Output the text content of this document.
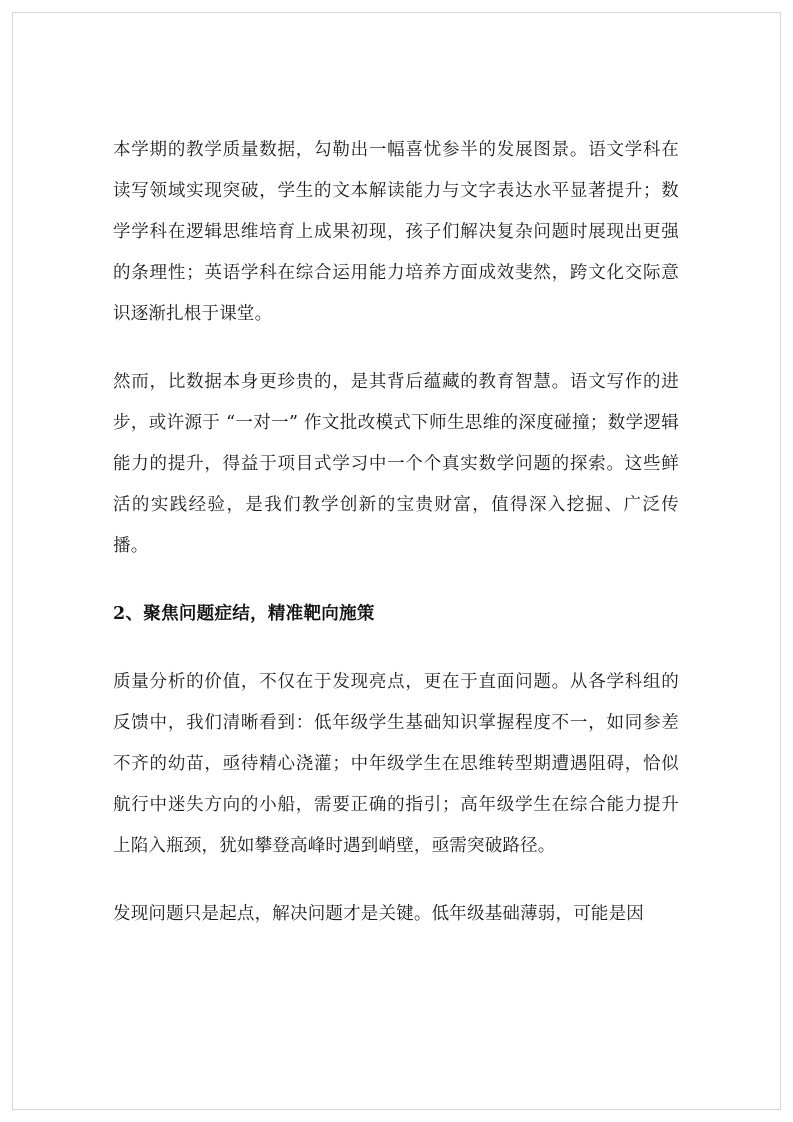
本学期的教学质量数据，勾勒出一幅喜忧参半的发展图景。语文学科在读写领域实现突破，学生的文本解读能力与文字表达水平显著提升；数学学科在逻辑思维培育上成果初现，孩子们解决复杂问题时展现出更强的条理性；英语学科在综合运用能力培养方面成效斐然，跨文化交际意识逐渐扎根于课堂。

然而，比数据本身更珍贵的，是其背后蕴藏的教育智慧。语文写作的进步，或许源于 “一对一” 作文批改模式下师生思维的深度碰撞；数学逻辑能力的提升，得益于项目式学习中一个个真实数学问题的探索。这些鲜活的实践经验，是我们教学创新的宝贵财富，值得深入挖掘、广泛传播。

2、聚焦问题症结，精准靶向施策

质量分析的价值，不仅在于发现亮点，更在于直面问题。从各学科组的反馈中，我们清晰看到：低年级学生基础知识掌握程度不一，如同参差不齐的幼苗，亟待精心浇灌；中年级学生在思维转型期遭遇阻碍，恰似航行中迷失方向的小船，需要正确的指引；高年级学生在综合能力提升上陷入瓶颈，犹如攀登高峰时遇到峭壁，亟需突破路径。

发现问题只是起点，解决问题才是关键。低年级基础薄弱，可能是因
